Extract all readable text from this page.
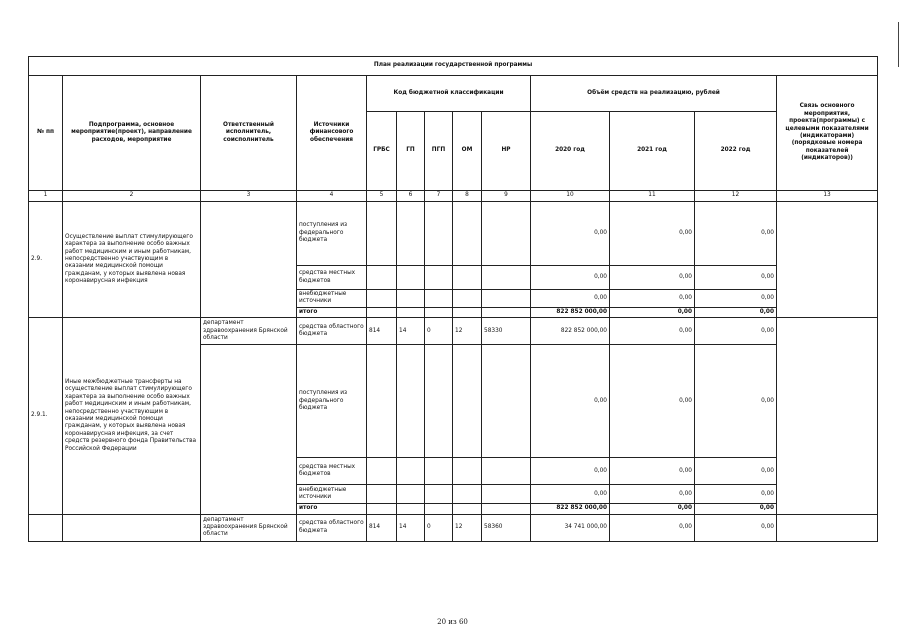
План реализации государственной программы												
№ пп	Подпрограмма, основное мероприятие(проект), направление расходов, мероприятие	Ответственный исполнитель, соисполнитель	Источники финансового обеспечения	Код бюджетной классификации					Объём средств на реализацию, рублей			Связь основного мероприятия, проекта(программы) с целевыми показателями (индикаторами) (порядковые номера показателей (индикаторов))
				ГРБС	ГП	ПГП	ОМ	НР	2020 год	2021 год	2022 год	
1	2	3	4	5	6	7	8	9	10	11	12	13
2.9.	Осуществление выплат стимулирующего характера за выполнение особо важных работ медицинским и иным работникам, непосредственно участвующим в оказании медицинской помощи гражданам, у которых выявлена новая коронавирусная инфекция		поступления из федерального бюджета						0,00	0,00	0,00	
			средства местных бюджетов						0,00	0,00	0,00	
			внебюджетные источники						0,00	0,00	0,00	
			итого						822 852 000,00	0,00	0,00	
2.9.1.	Иные межбюджетные трансферты на осуществление выплат стимулирующего характера за выполнение особо важных работ медицинским и иным работникам, непосредственно участвующим в оказании медицинской помощи гражданам, у которых выявлена новая коронавирусная инфекция, за счет средств резервного фонда Правительства Российской Федерации	департамент здравоохранения Брянской области	средства областного бюджета	814	14	0	12	58330	822 852 000,00	0,00	0,00	
			поступления из федерального бюджета						0,00	0,00	0,00	
			средства местных бюджетов						0,00	0,00	0,00	
			внебюджетные источники						0,00	0,00	0,00	
			итого						822 852 000,00	0,00	0,00	
		департамент здравоохранения Брянской области	средства областного бюджета	814	14	0	12	58360	34 741 000,00	0,00	0,00	
20 из 60
